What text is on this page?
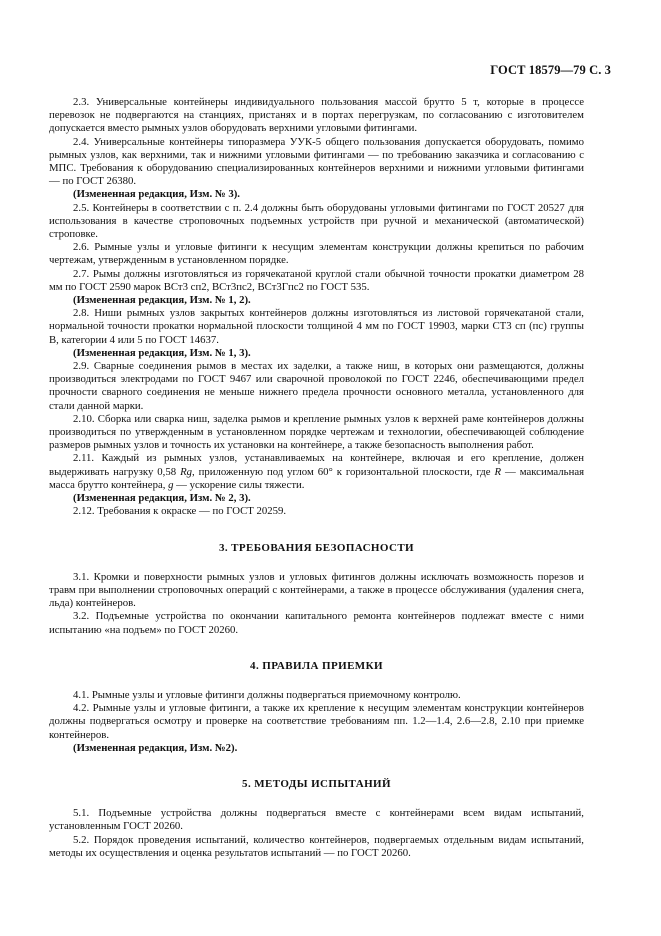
ГОСТ 18579—79 С. 3

2.3. Универсальные контейнеры индивидуального пользования массой брутто 5 т, которые в процессе перевозок не подвергаются на станциях, пристанях и в портах перегрузкам, по согласованию с изготовителем допускается вместо рымных узлов оборудовать верхними угловыми фитингами.

2.4. Универсальные контейнеры типоразмера УУК-5 общего пользования допускается оборудовать, помимо рымных узлов, как верхними, так и нижними угловыми фитингами — по требованию заказчика и согласованию с МПС. Требования к оборудованию специализированных контейнеров верхними и нижними угловыми фитингами — по ГОСТ 26380.

(Измененная редакция, Изм. № 3).

2.5. Контейнеры в соответствии с п. 2.4 должны быть оборудованы угловыми фитингами по ГОСТ 20527 для использования в качестве строповочных подъемных устройств при ручной и механической (автоматической) строповке.

2.6. Рымные узлы и угловые фитинги к несущим элементам конструкции должны крепиться по рабочим чертежам, утвержденным в установленном порядке.

2.7. Рымы должны изготовляться из горячекатаной круглой стали обычной точности прокатки диаметром 28 мм по ГОСТ 2590 марок ВСт3 сп2, ВСт3пс2, ВСт3Гпс2 по ГОСТ 535.

(Измененная редакция, Изм. № 1, 2).

2.8. Ниши рымных узлов закрытых контейнеров должны изготовляться из листовой горячекатаной стали, нормальной точности прокатки нормальной плоскости толщиной 4 мм по ГОСТ 19903, марки СТ3 сп (пс) группы В, категории 4 или 5 по ГОСТ 14637.

(Измененная редакция, Изм. № 1, 3).

2.9. Сварные соединения рымов в местах их заделки, а также ниш, в которых они размещаются, должны производиться электродами по ГОСТ 9467 или сварочной проволокой по ГОСТ 2246, обеспечивающими предел прочности сварного соединения не меньше нижнего предела прочности основного металла, установленного для стали данной марки.

2.10. Сборка или сварка ниш, заделка рымов и крепление рымных узлов к верхней раме контейнеров должны производиться по утвержденным в установленном порядке чертежам и технологии, обеспечивающей соблюдение размеров рымных узлов и точность их установки на контейнере, а также безопасность выполнения работ.

2.11. Каждый из рымных узлов, устанавливаемых на контейнере, включая и его крепление, должен выдерживать нагрузку 0,58 Rg, приложенную под углом 60° к горизонтальной плоскости, где R — максимальная масса брутто контейнера, g — ускорение силы тяжести.

(Измененная редакция, Изм. № 2, 3).

2.12. Требования к окраске — по ГОСТ 20259.

3. ТРЕБОВАНИЯ БЕЗОПАСНОСТИ

3.1. Кромки и поверхности рымных узлов и угловых фитингов должны исключать возможность порезов и травм при выполнении строповочных операций с контейнерами, а также в процессе обслуживания (удаления снега, льда) контейнеров.

3.2. Подъемные устройства по окончании капитального ремонта контейнеров подлежат вместе с ними испытанию «на подъем» по ГОСТ 20260.

4. ПРАВИЛА ПРИЕМКИ

4.1. Рымные узлы и угловые фитинги должны подвергаться приемочному контролю.

4.2. Рымные узлы и угловые фитинги, а также их крепление к несущим элементам конструкции контейнеров должны подвергаться осмотру и проверке на соответствие требованиям пп. 1.2—1.4, 2.6—2.8, 2.10 при приемке контейнеров.

(Измененная редакция, Изм. №2).

5. МЕТОДЫ ИСПЫТАНИЙ

5.1. Подъемные устройства должны подвергаться вместе с контейнерами всем видам испытаний, установленным ГОСТ 20260.

5.2. Порядок проведения испытаний, количество контейнеров, подвергаемых отдельным видам испытаний, методы их осуществления и оценка результатов испытаний — по ГОСТ 20260.
